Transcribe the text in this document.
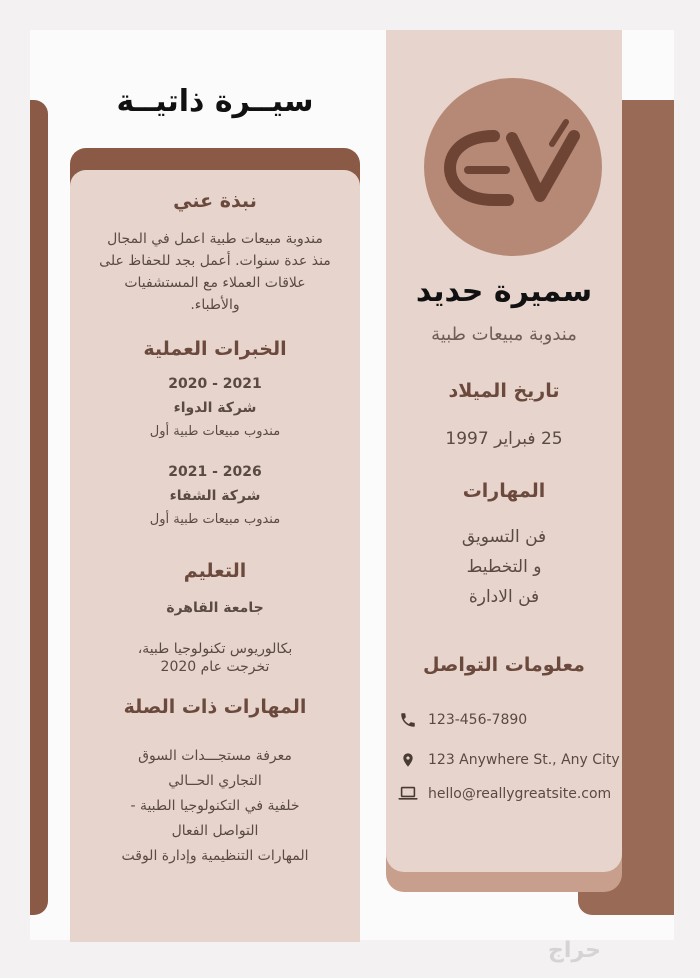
سيــرة ذاتيــة
نبذة عني
مندوبة مبيعات طبية اعمل في المجال منذ عدة سنوات. أعمل بجد للحفاظ على علاقات العملاء مع المستشفيات والأطباء.
الخبرات العملية
2020 - 2021
شركة الدواء
مندوب مبيعات طبية أول
2021 - 2026
شركة الشفاء
مندوب مبيعات طبية أول
التعليم
جامعة القاهرة
بكالوريوس تكنولوجيا طبية،
تخرجت عام 2020
المهارات ذات الصلة
معرفة مستجـــدات السوق
التجاري الحــالي
خلفية في التكنولوجيا الطبية -
التواصل الفعال
المهارات التنظيمية وإدارة الوقت
سميرة حديد
مندوبة مبيعات طبية
تاريخ الميلاد
25 فبراير 1997
المهارات
فن التسويق
و التخطيط
فن الادارة
معلومات التواصل
123-456-7890
123 Anywhere St., Any City
hello@reallygreatsite.com
حراج
